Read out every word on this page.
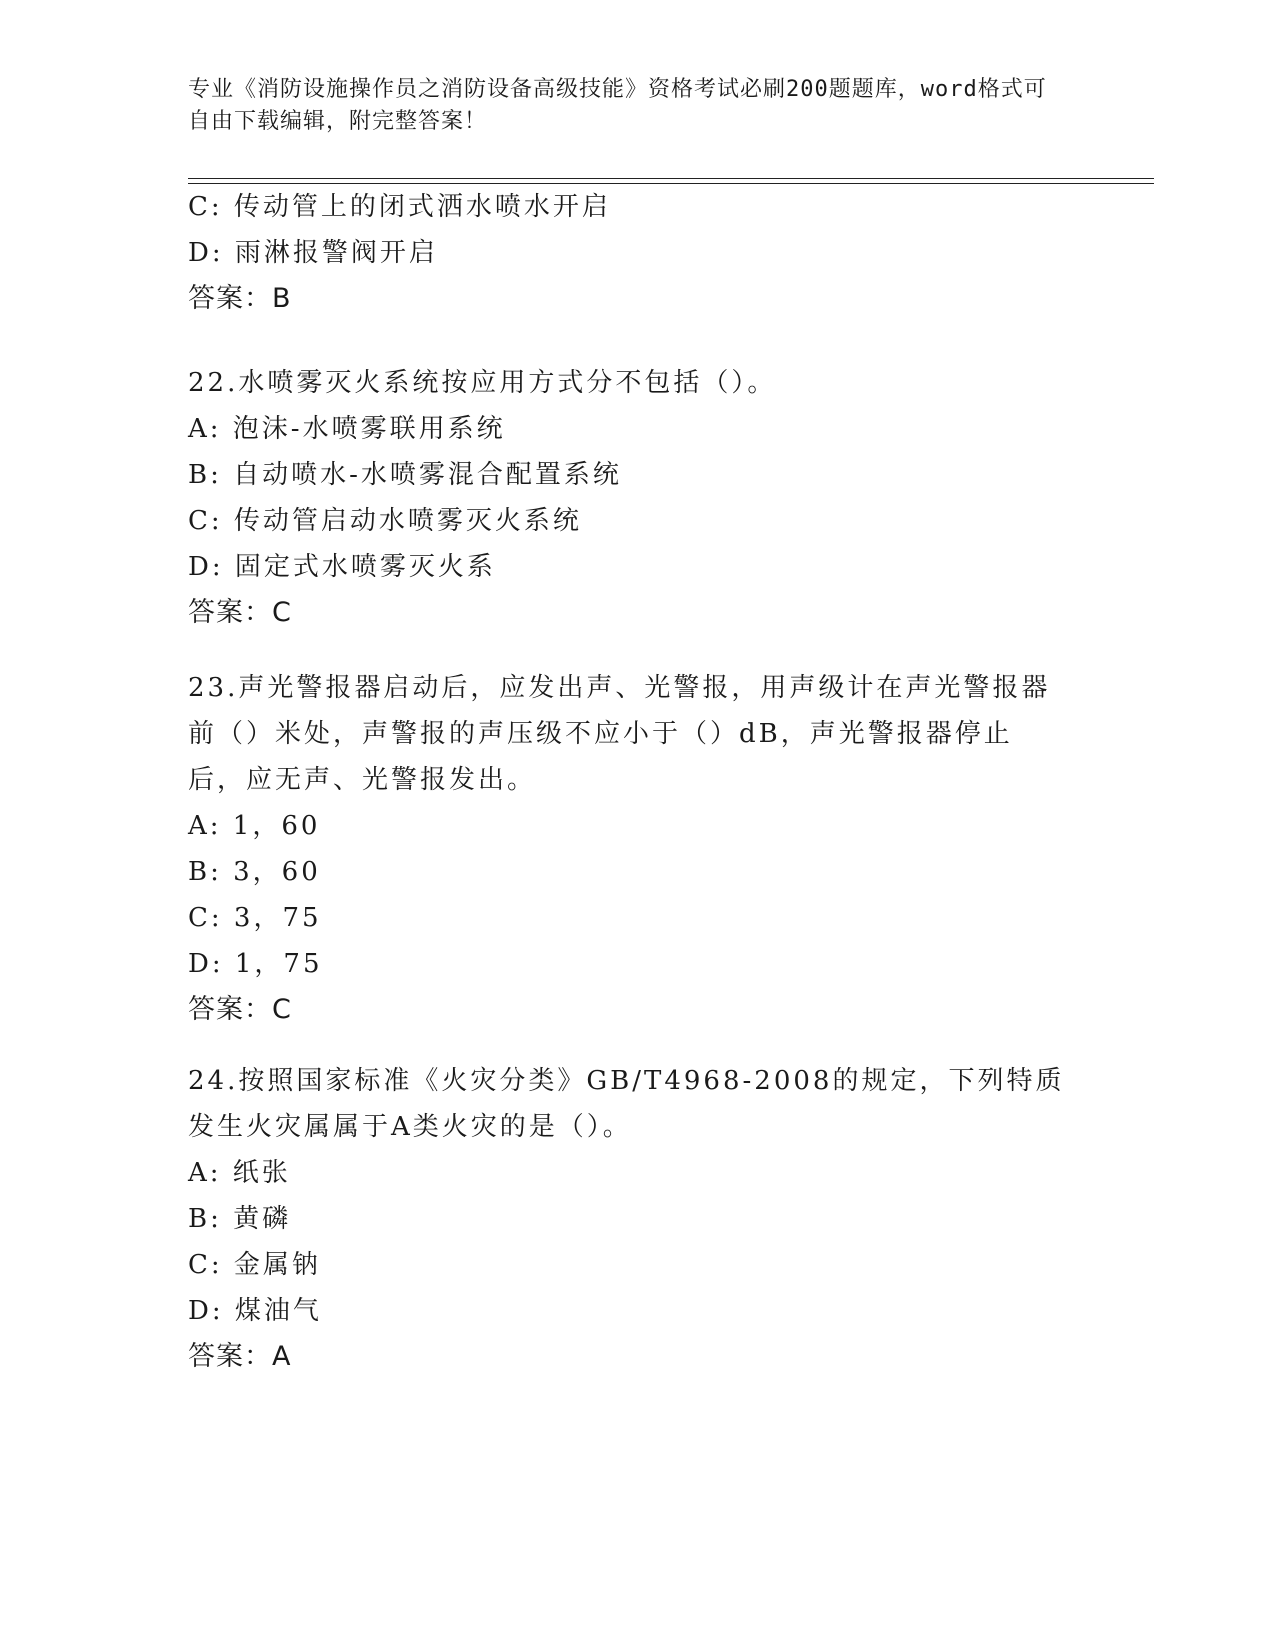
专业《消防设施操作员之消防设备高级技能》资格考试必刷200题题库，word格式可自由下载编辑，附完整答案！
C: 传动管上的闭式洒水喷水开启
D: 雨淋报警阀开启
答案：B
22.水喷雾灭火系统按应用方式分不包括（）。
A: 泡沫-水喷雾联用系统
B: 自动喷水-水喷雾混合配置系统
C: 传动管启动水喷雾灭火系统
D: 固定式水喷雾灭火系
答案：C
23.声光警报器启动后，应发出声、光警报，用声级计在声光警报器前（）米处，声警报的声压级不应小于（）dB，声光警报器停止后，应无声、光警报发出。
A: 1，60
B: 3，60
C: 3，75
D: 1，75
答案：C
24.按照国家标准《火灾分类》GB/T4968-2008的规定，下列特质发生火灾属属于A类火灾的是（）。
A: 纸张
B: 黄磷
C: 金属钠
D: 煤油气
答案：A
